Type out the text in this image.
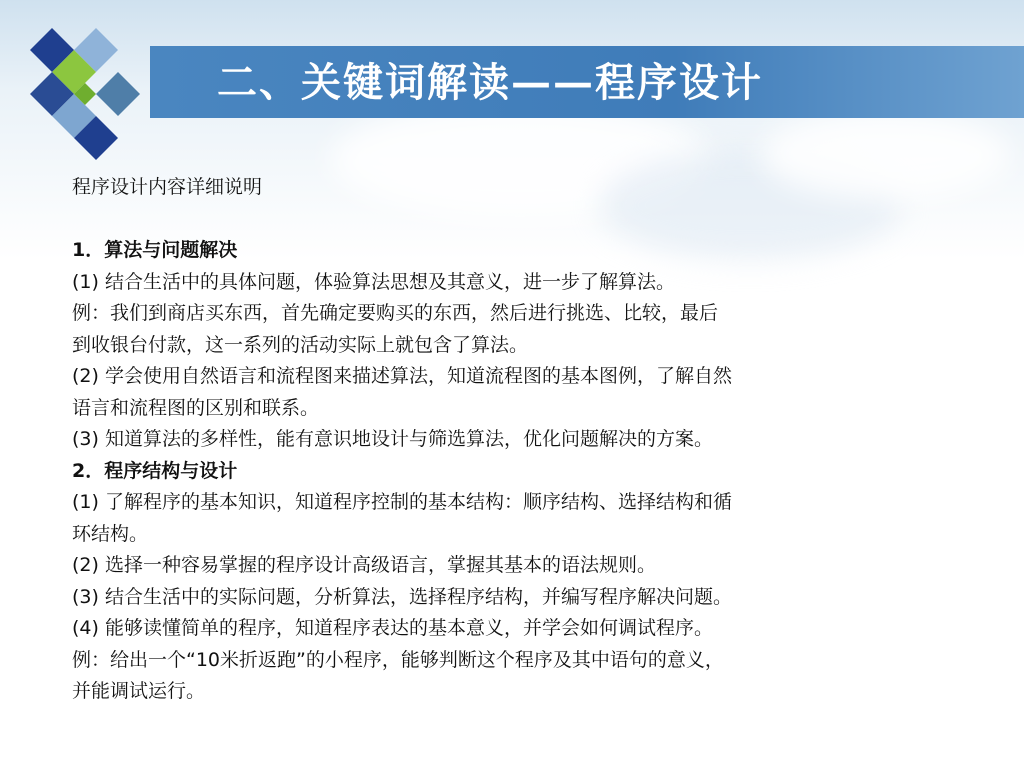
二、关键词解读——程序设计
程序设计内容详细说明
1．算法与问题解决
(1) 结合生活中的具体问题，体验算法思想及其意义，进一步了解算法。
例：我们到商店买东西，首先确定要购买的东西，然后进行挑选、比较，最后
到收银台付款，这一系列的活动实际上就包含了算法。
(2) 学会使用自然语言和流程图来描述算法，知道流程图的基本图例，了解自然
语言和流程图的区别和联系。
(3) 知道算法的多样性，能有意识地设计与筛选算法，优化问题解决的方案。
2．程序结构与设计
(1) 了解程序的基本知识，知道程序控制的基本结构：顺序结构、选择结构和循
环结构。
(2) 选择一种容易掌握的程序设计高级语言，掌握其基本的语法规则。
(3) 结合生活中的实际问题，分析算法，选择程序结构，并编写程序解决问题。
(4) 能够读懂简单的程序，知道程序表达的基本意义，并学会如何调试程序。
例：给出一个“10米折返跑”的小程序，能够判断这个程序及其中语句的意义，
并能调试运行。
